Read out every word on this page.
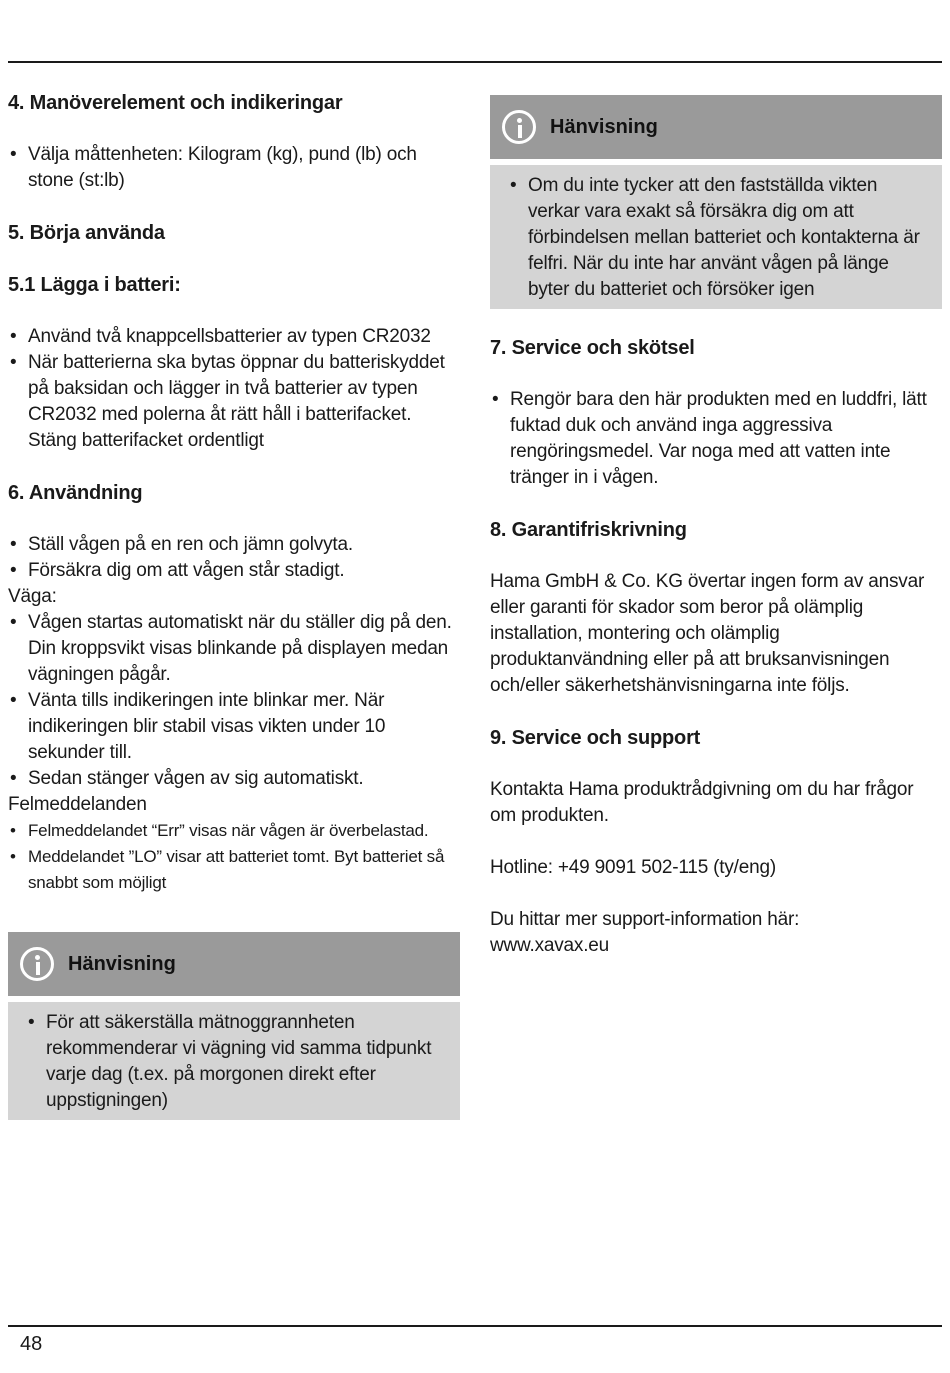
4. Manöverelement och indikeringar
• Välja måttenheten: Kilogram (kg), pund (lb) och stone (st:lb)
5. Börja använda
5.1 Lägga i batteri:
• Använd två knappcellsbatterier av typen CR2032
• När batterierna ska bytas öppnar du batteriskyddet på baksidan och lägger in två batterier av typen CR2032 med polerna åt rätt håll i batterifacket. Stäng batterifacket ordentligt
6. Användning
• Ställ vågen på en ren och jämn golvyta.
• Försäkra dig om att vågen står stadigt.

Väga:

• Vågen startas automatiskt när du ställer dig på den. Din kroppsvikt visas blinkande på displayen medan vägningen pågår.
• Vänta tills indikeringen inte blinkar mer. När indikeringen blir stabil visas vikten under 10 sekunder till.
• Sedan stänger vågen av sig automatiskt.

Felmeddelanden

• Felmeddelandet “Err” visas när vågen är överbelastad.
• Meddelandet ”LO” visar att batteriet tomt. Byt batteriet så snabbt som möjligt
Hänvisning
• För att säkerställa mätnoggrannheten rekommenderar vi vägning vid samma tidpunkt varje dag (t.ex. på morgonen direkt efter uppstigningen)
Hänvisning
• Om du inte tycker att den fastställda vikten verkar vara exakt så försäkra dig om att förbindelsen mellan batteriet och kontakterna är felfri. När du inte har använt vågen på länge byter du batteriet och försöker igen
7. Service och skötsel
• Rengör bara den här produkten med en luddfri, lätt fuktad duk och använd inga aggressiva rengöringsmedel. Var noga med att vatten inte tränger in i vågen.
8. Garantifriskrivning

Hama GmbH & Co. KG övertar ingen form av ansvar eller garanti för skador som beror på olämplig installation, montering och olämplig produktanvändning eller på att bruksanvisningen och/eller säkerhetshänvisningarna inte följs.

9. Service och support

Kontakta Hama produktrådgivning om du har frågor om produkten.

Hotline: +49 9091 502-115 (ty/eng)

Du hittar mer support-information här:

www.xavax.eu

48
